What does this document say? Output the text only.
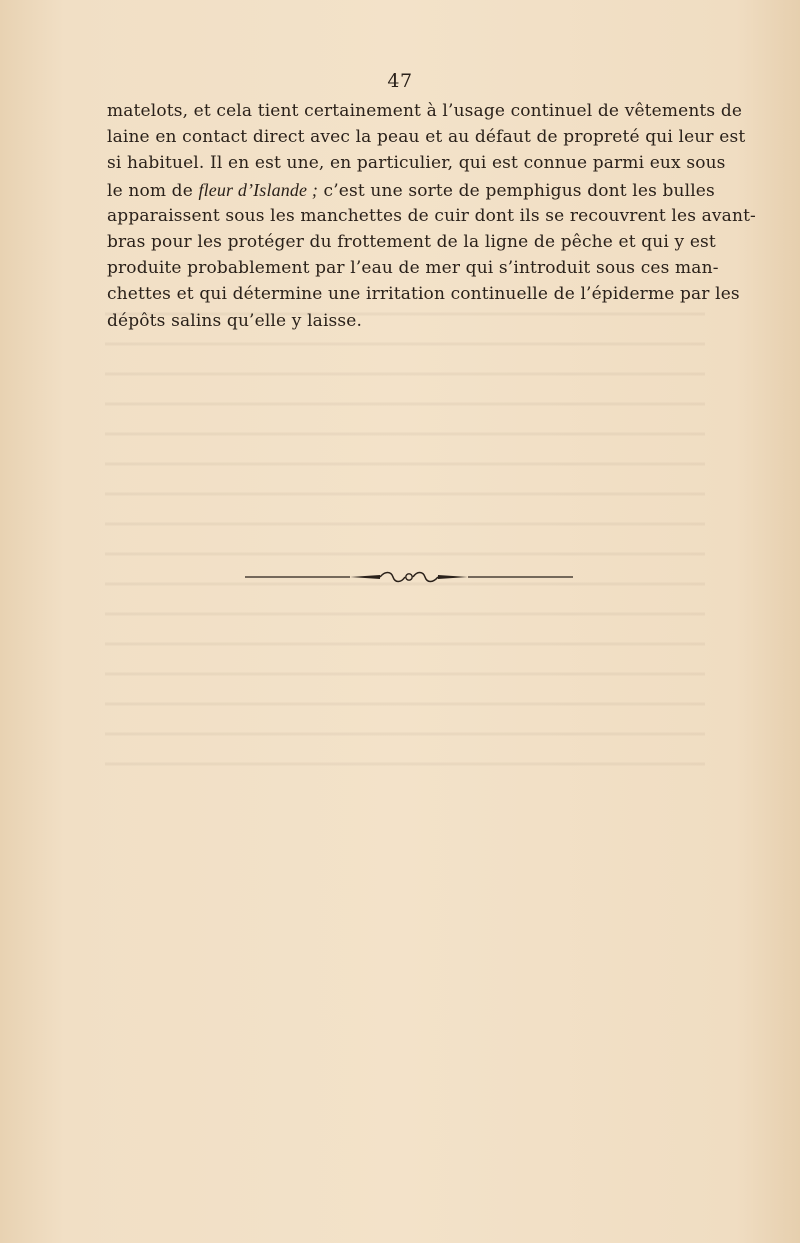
47
matelots, et cela tient certainement à l’usage continuel de vêtements de
laine en contact direct avec la peau et au défaut de propreté qui leur est
si habituel. Il en est une, en particulier, qui est connue parmi eux sous
le nom de fleur d’Islande ; c’est une sorte de pemphigus dont les bulles
apparaissent sous les manchettes de cuir dont ils se recouvrent les avant-
bras pour les protéger du frottement de la ligne de pêche et qui y est
produite probablement par l’eau de mer qui s’introduit sous ces man-
chettes et qui détermine une irritation continuelle de l’épiderme par les
dépôts salins qu’elle y laisse.
